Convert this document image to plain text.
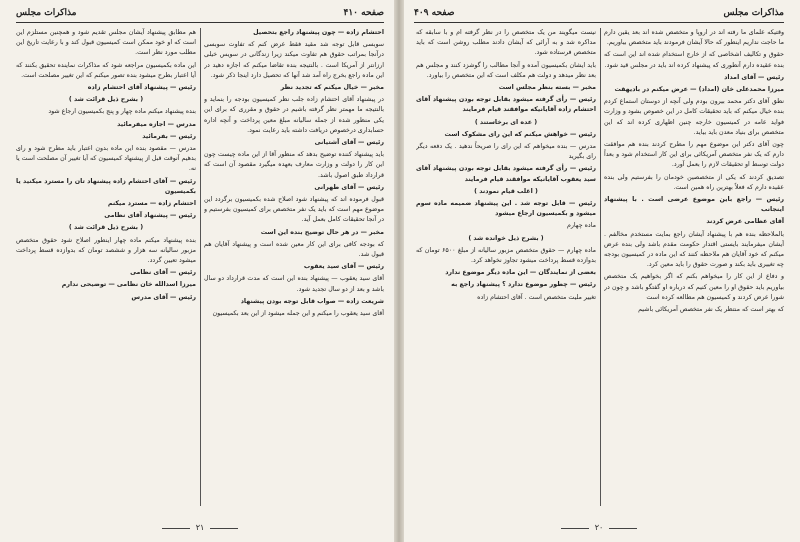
صفحه ۴۱۰
مذاکرات مجلس

احتشام زاده — چون پیشنهاد راجع بتحصیل

سوبسی قابل توجه شد مقید فقط عرض کنم که تفاوت سوبسی درآنجا بمراتب حقوق هم تفاوت میکند زیرا زندگانی در سویس خیلی ارزانتر از آمریکا است . بالنتیجه بنده تقاضا میکنم که اجازه دهید در این ماده راجع بخرج راه آمد شد آنها که تحصیل دارد اینجا ذکر شود.

مخبر — خیال میکنم که تجدید نظر

در پیشنهاد آقای احتشام زاده جلب نظر کمیسیون بودجه را بنماید و بالنتیجه ما مهمتر نظر گرفته باشیم در حقوق و مقرری که برای این یکی منظور شده از جمله سالیانه مبلغ معین پرداخت و آنچه اداره حسابداری درخصوص دریافت داشته باید رعایت نمود.

رئیس — آقای آشتیانی

باید پیشنهاد کننده توضیح بدهد که منظور آقا از این ماده چیست چون این کار را دولت و وزارت معارف بعهده میگیرد مقصود آن است که قرارداد طبق اصول باشد.

رئیس — آقای طهرانی

قبول فرموده اند که پیشنهاد شود اصلاح شده بکمیسیون برگردد این موضوع مهم است که باید یک نفر متخصص برای کمیسیون بفرستیم و در آنجا تحقیقات کامل بعمل آید.

مخبر — در هر حال توضیح بنده این است

که بودجه کافی برای این کار معین شده است و پیشنهاد آقایان هم قبول شد.

رئیس — آقای سید یعقوب

آقای سید یعقوب — پیشنهاد بنده این است که مدت قرارداد دو سال باشد و بعد از دو سال تجدید شود.

شریعت زاده — صواب قابل توجه بودن پیشنهاد

آقای سید یعقوب را میکنم و این جمله میشود از این بعد بکمیسیون

هم مطابق پیشنهاد آیشان مجلس تقدیم شود و همچنین مستلزم این است که او خود ممکن است کمیسیون قبول کند و با رعایت تاریخ این مطلب مورد نظر است.

این ماده بکمیسیون مراجعه شود که مذاکرات نماینده تحقیق بکنند که آیا اعتبار بطرح میشود بنده تصور میکنم که این تغییر مصلحت است.

رئیس — پیشنهاد آقای احتشام زاده

( بشرح ذیل قرائت شد )

بنده پیشنهاد میکنم ماده چهار و پنج بکمیسیون ارجاع شود

مدرس — اجازه میفرمائید

رئیس — بفرمائید

مدرس — مقصود بنده این ماده بدون اعتبار باید مطرح شود و رای بدهیم آنوقت قبل از پیشنهاد کمیسیون که آیا تغییر آن مصلحت است یا نه.

رئیس — آقای احتشام زاده پیشنهاد تان را مسترد میکنید یا بکمیسیون

احتشام زاده — مسترد میکنم

رئیس — پیشنهاد آقای نظامی

( بشرح ذیل قرائت شد )

بنده پیشنهاد میکنم ماده چهار اینطور اصلاح شود حقوق متخصص مزبور سالیانه سه هزار و ششصد تومان که بدوازده قسط پرداخت میشود تعیین گردد.

رئیس — آقای نظامی

میرزا اسدالله خان نظامی — توضیحی ندارم

رئیس — آقای مدرس

۲۱
مذاکرات مجلس
صفحه ۴۰۹

وقتیکه علمای ما رفته اند در اروپا و متخصص شده اند بعد یقین دارم ما حاجت نداریم اینطور که حالا آیشان فرمودند باید متخصص بیاوریم.

حقوق و تکالیف اشخاصی که از خارج استخدام شده اند این است که بنده عقیده دارم آنطوری که پیشنهاد کرده اند باید در مجلس قید شود.

رئیس — آقای امداد

میرزا محمدعلی خان (امداد) — عرض میکنم در بادیهقت

نطق آقای دکتر محمد بیرون بودم ولی آنچه از دوستان استماع کردم بنده خیال میکنم که باید تحقیقات کامل در این خصوص بشود و وزارت فواید عامه در کمیسیون خارجه چنین اظهاری کرده اند که این متخصص برای بنیاد معدن باید بیاید.

چون آقای دکتر این موضوع مهم را مطرح کردند بنده هم موافقت دارم که یک نفر متخصص آمریکائی برای این کار استخدام شود و بعداً دولت توسط او تحقیقات لازم را بعمل آورد.

تصدیق کردند که یکی از متخصصین خودمان را بفرستیم ولی بنده عقیده دارم که فعلاً بهترین راه همین است.

رئیس — راجع باین موضوع عرضی است . با پیشنهاد اینجانب

آقای عظامی عرض کردند

بالملاحظه بنده هم با پیشنهاد آیشان راجع بمایت مستخدم مخالفم . آیشان میفرمایند بایستی اقتدار حکومت مقدم باشد ولی بنده عرض میکنم که خود آقایان هم ملاحظه کنند که این ماده در کمیسیون بودجه چه تغییری باید بکند و صورت حقوق را باید معین کرد.

و دفاع از این کار را میخواهم بکنم که اگر بخواهیم یک متخصص بیاوریم باید حقوق او را معین کنیم که درباره او گفتگو باشد و چون در شورا عرض کردند و کمیسیون هم مطالعه کرده است

که بهتر است که منتظر یک نفر متخصص آمریکائی باشیم

نیست میگویند من یک متخصص را در نظر گرفته ام و با سابقه که مداکره شد و به آرائی که آیشان دادند مطلب روشن است که باید متخصص فرستاده شود.

باید ایشان بکمیسیون آمده و آنجا مطالب را گوشزد کنند و مجلس هم بعد نظر میدهد و دولت هم مکلف است که این متخصص را بیاورد.

مخبر — بسته بنظر مجلس است

رئیس — رأی گرفته میشود بقابل توجه بودن پیشنهاد آقای احتشام زاده آقایانیکه موافقند قیام فرمایند

( عده ای برخاستند )

رئیس — خواهش میکنم که این رای مشکوک است

مدرس — بنده میخواهم که این رای را صریحاً ندهید . یک دفعه دیگر رای بگیرید

رئیس — رأی گرفته میشود بقابل توجه بودن پیشنهاد آقای سید یعقوب آقایانیکه موافقند قیام فرمایند

( اغلب قیام نمودند )

رئیس — قابل توجه شد . این پیشنهاد ضمیمه ماده سوم میشود و بکمیسیون ارجاع میشود

ماده چهارم

( بشرح ذیل خوانده شد )

ماده چهارم — حقوق متخصص مزبور سالیانه از مبلغ ۶۵۰۰ تومان که بدوازده قسط پرداخت میشود تجاوز نخواهد کرد.

بعضی از نمایندگان — این ماده دیگر موضوع ندارد

رئیس — چطور موضوع ندارد ؟ پیشنهاد راجع به

تغییر ملیت متخصص است . آقای احتشام زاده

۲۰
